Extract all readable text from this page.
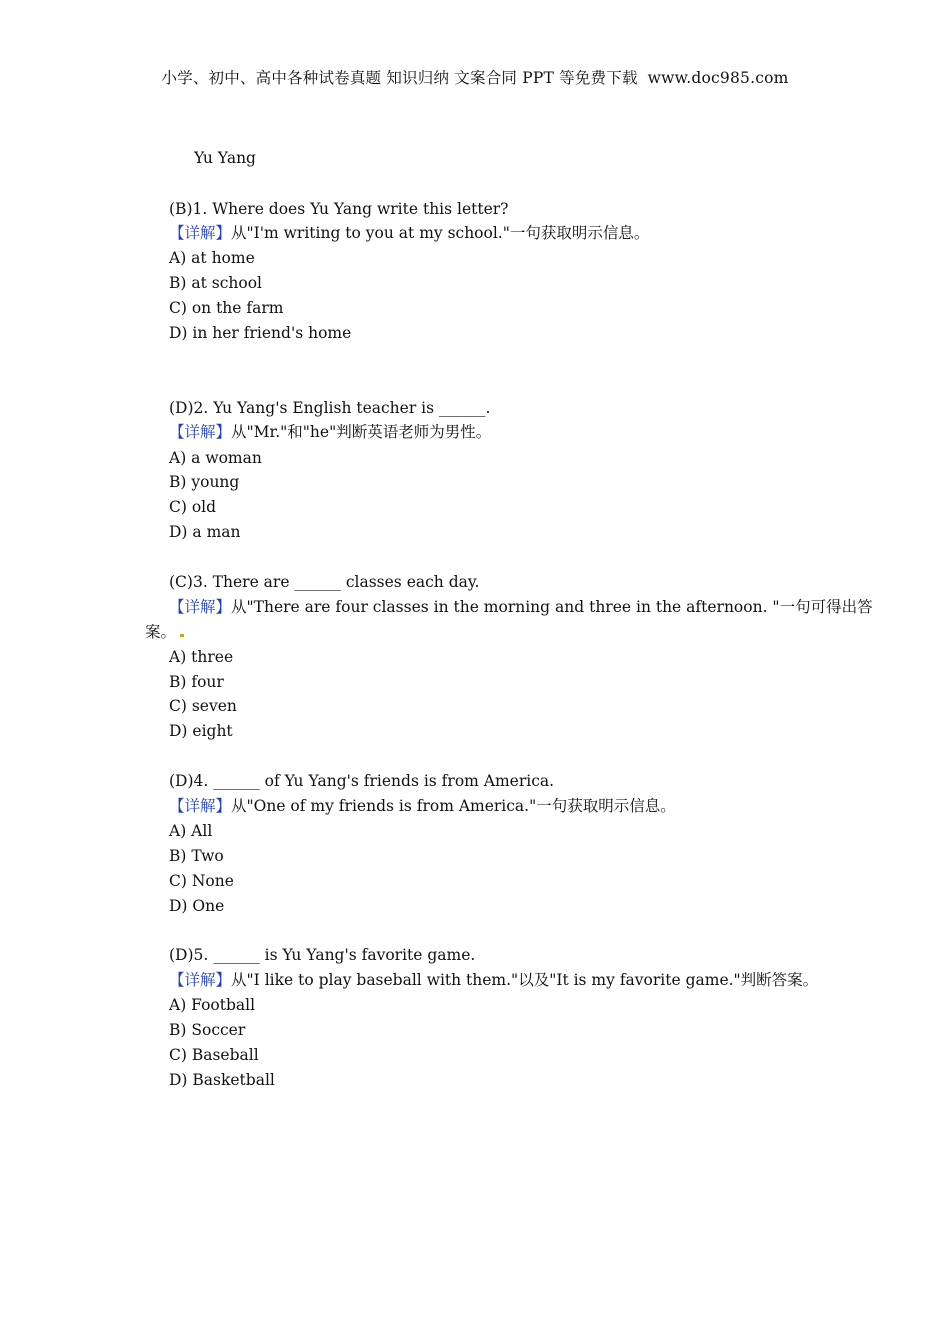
小学、初中、高中各种试卷真题 知识归纳 文案合同 PPT 等免费下载 www.doc985.com
Yu Yang
(B)1. Where does Yu Yang write this letter?
【详解】从"I'm writing to you at my school."一句获取明示信息。
A) at home
B) at school
C) on the farm
D) in her friend's home
(D)2. Yu Yang's English teacher is ______.
【详解】从"Mr."和"he"判断英语老师为男性。
A) a woman
B) young
C) old
D) a man
(C)3. There are ______ classes each day.
【详解】从"There are four classes in the morning and three in the afternoon. "一句可得出答
案。
A) three
B) four
C) seven
D) eight
(D)4. ______ of Yu Yang's friends is from America.
【详解】从"One of my friends is from America."一句获取明示信息。
A) All
B) Two
C) None
D) One
(D)5. ______ is Yu Yang's favorite game.
【详解】从"I like to play baseball with them."以及"It is my favorite game."判断答案。
A) Football
B) Soccer
C) Baseball
D) Basketball
